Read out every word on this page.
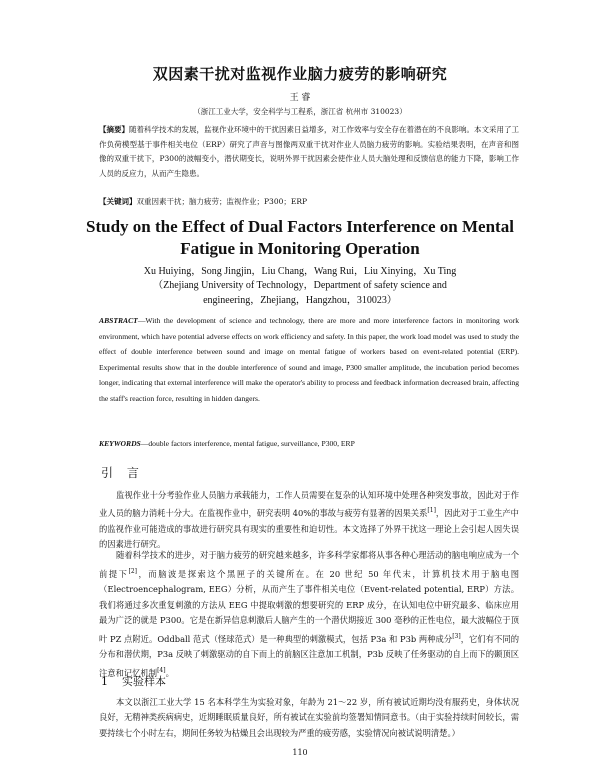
双因素干扰对监视作业脑力疲劳的影响研究
王 睿
（浙江工业大学，安全科学与工程系，浙江省 杭州市 310023）
【摘要】随着科学技术的发展，监视作业环境中的干扰因素日益增多，对工作效率与安全存在着潜在的不良影响。本文采用了工作负荷模型基于事件相关电位（ERP）研究了声音与图像两双重干扰对作业人员脑力疲劳的影响。实验结果表明，在声音和图像的双重干扰下，P300的波幅变小，潜伏期变长，说明外界干扰因素会使作业人员大脑处理和反馈信息的能力下降，影响工作人员的反应力，从而产生隐患。
【关键词】双重因素干扰；脑力疲劳；监视作业；P300；ERP
Study on the Effect of Dual Factors Interference on Mental
Fatigue in Monitoring Operation
Xu Huiying，Song Jingjin，Liu Chang，Wang Rui，Liu Xinying，Xu Ting
（Zhejiang University of Technology，Department of safety science and engineering，Zhejiang，Hangzhou，310023）
ABSTRACT—With the development of science and technology, there are more and more interference factors in monitoring work environment, which have potential adverse effects on work efficiency and safety. In this paper, the work load model was used to study the effect of double interference between sound and image on mental fatigue of workers based on event-related potential (ERP). Experimental results show that in the double interference of sound and image, P300 smaller amplitude, the incubation period becomes longer, indicating that external interference will make the operator's ability to process and feedback information decreased brain, affecting the staff's reaction force, resulting in hidden dangers.
KEYWORDS—double factors interference, mental fatigue, surveillance, P300, ERP
引 言
监视作业十分考验作业人员脑力承载能力，工作人员需要在复杂的认知环境中处理各种突发事故，因此对于作业人员的脑力消耗十分大。在监视作业中，研究表明 40%的事故与疲劳有显著的因果关系[1]，因此对于工业生产中的监视作业可能造成的事故进行研究具有现实的重要性和迫切性。本文选择了外界干扰这一理论上会引起人因失误的因素进行研究。
随着科学技术的进步，对于脑力疲劳的研究越来越多，许多科学家都将从事各种心理活动的脑电响应成为一个前提下[2]，而脑波是探索这个黑匣子的关键所在。在 20 世纪 50 年代末，计算机技术用于脑电图（Electroencephalogram, EEG）分析，从而产生了事件相关电位（Event-related potential, ERP）方法。我们将通过多次重复刺激的方法从 EEG 中提取刺激的想要研究的 ERP 成分，在认知电位中研究最多、临床应用最为广泛的就是 P300。它是在新异信息刺激后人脑产生的一个潜伏期接近 300 毫秒的正性电位，最大波幅位于顶叶 PZ 点附近。Oddball 范式（怪球范式）是一种典型的刺激模式，包括 P3a 和 P3b 两种成分[3]，它们有不同的分布和潜伏期，P3a 反映了刺激驱动的自下而上的前脑区注意加工机制，P3b 反映了任务驱动的自上而下的颞顶区注意和记忆机制[4]。
1 实验样本
本文以浙江工业大学 15 名本科学生为实验对象，年龄为 21～22 岁，所有被试近期均没有服药史，身体状况良好，无精神类疾病病史，近期睡眠质量良好，所有被试在实验前均签署知情同意书。（由于实验持续时间较长，需要持续七个小时左右，期间任务较为枯燥且会出现较为严重的疲劳感，实验情况向被试说明清楚。）
110
